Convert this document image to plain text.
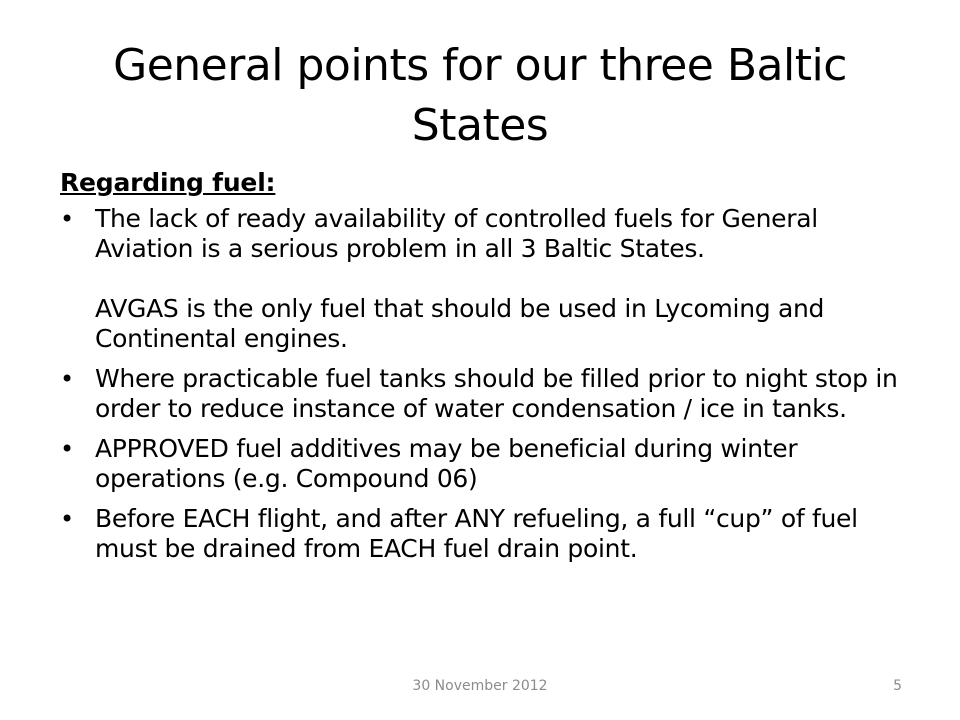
General points for our three Baltic States
Regarding fuel:
• The lack of ready availability of controlled fuels for General Aviation is a serious problem in all 3 Baltic States.
AVGAS is the only fuel that should be used in Lycoming and Continental engines.
• Where practicable fuel tanks should be filled prior to night stop in order to reduce instance of water condensation / ice in tanks.
• APPROVED fuel additives may be beneficial during winter operations (e.g. Compound 06)
• Before EACH flight, and after ANY refueling, a full “cup” of fuel must be drained from EACH fuel drain point.
30 November 2012	5
